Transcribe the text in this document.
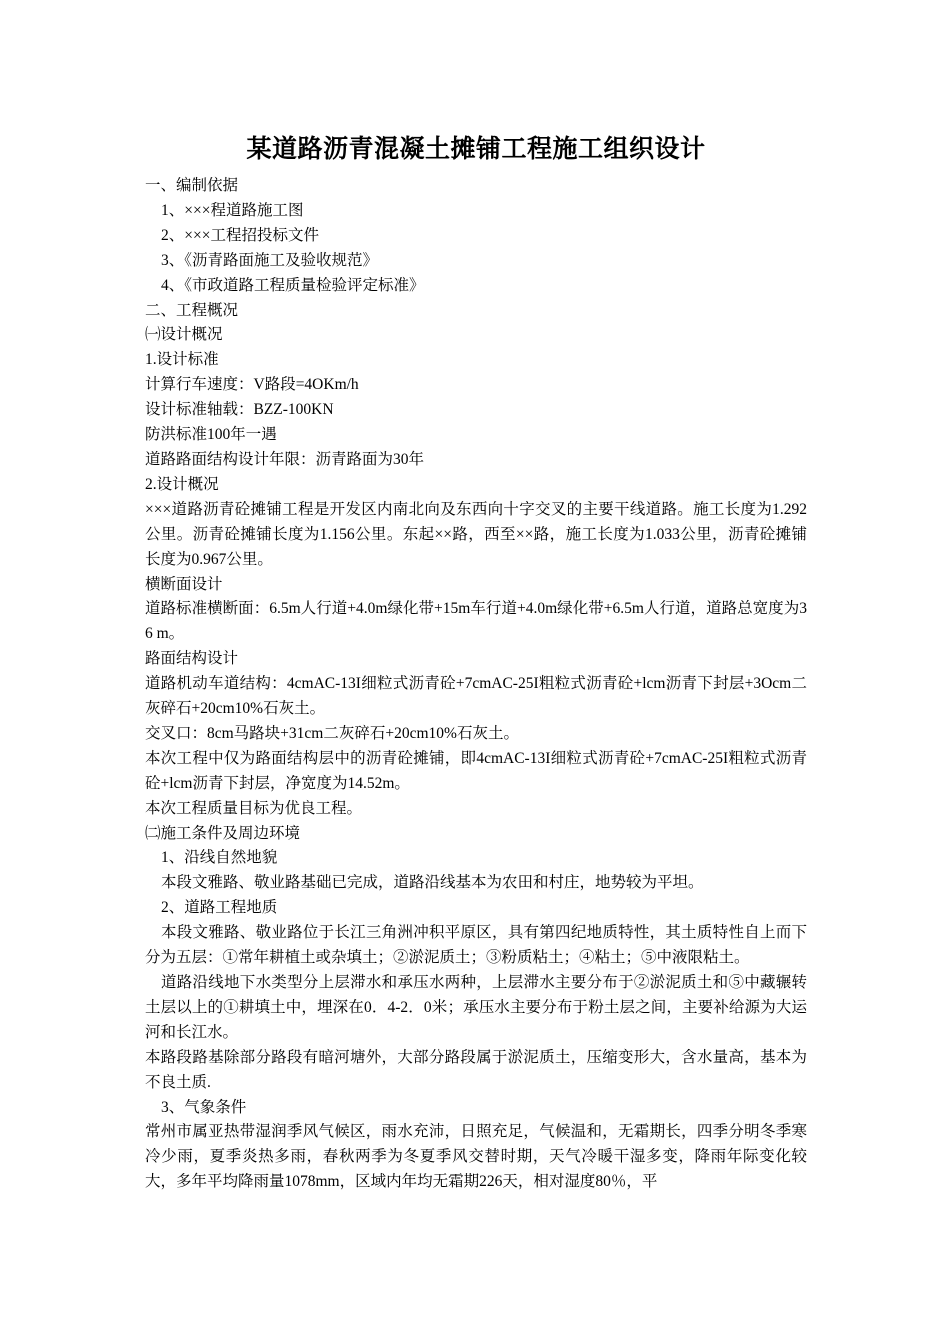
某道路沥青混凝土摊铺工程施工组织设计

一、编制依据

1、×××程道路施工图

2、×××工程招投标文件

3、《沥青路面施工及验收规范》

4、《市政道路工程质量检验评定标准》

二、工程概况

㈠设计概况

1.设计标准

计算行车速度：V路段=4OKm/h

设计标准轴载：BZZ-100KN

防洪标准100年一遇

道路路面结构设计年限：沥青路面为30年

2.设计概况

×××道路沥青砼摊铺工程是开发区内南北向及东西向十字交叉的主要干线道路。施工长度为1.292公里。沥青砼摊铺长度为1.156公里。东起××路，西至××路，施工长度为1.033公里，沥青砼摊铺长度为0.967公里。

横断面设计

道路标准横断面：6.5m人行道+4.0m绿化带+15m车行道+4.0m绿化带+6.5m人行道，道路总宽度为36 m。

路面结构设计

道路机动车道结构：4cmAC-13I细粒式沥青砼+7cmAC-25I粗粒式沥青砼+lcm沥青下封层+3Ocm二灰碎石+20cm10%石灰土。

交叉口：8cm马路块+31cm二灰碎石+20cm10%石灰土。

本次工程中仅为路面结构层中的沥青砼摊铺，即4cmAC-13I细粒式沥青砼+7cmAC-25I粗粒式沥青砼+lcm沥青下封层，净宽度为14.52m。

本次工程质量目标为优良工程。

㈡施工条件及周边环境

1、沿线自然地貌

本段文雅路、敬业路基础已完成，道路沿线基本为农田和村庄，地势较为平坦。

2、道路工程地质

本段文雅路、敬业路位于长江三角洲冲积平原区，具有第四纪地质特性，其土质特性自上而下分为五层：①常年耕植土或杂填土；②淤泥质土；③粉质粘土；④粘土；⑤中液限粘土。

道路沿线地下水类型分上层滞水和承压水两种，上层滞水主要分布于②淤泥质土和⑤中藏辗转土层以上的①耕填土中，埋深在0．4-2．0米；承压水主要分布于粉土层之间，主要补给源为大运河和长江水。

本路段路基除部分路段有暗河塘外，大部分路段属于淤泥质土，压缩变形大，含水量高，基本为不良土质.

3、气象条件

常州市属亚热带湿润季风气候区，雨水充沛，日照充足，气候温和，无霜期长，四季分明冬季寒冷少雨，夏季炎热多雨，春秋两季为冬夏季风交替时期，天气冷暖干湿多变，降雨年际变化较大，多年平均降雨量1078mm，区域内年均无霜期226天，相对湿度80％，平
